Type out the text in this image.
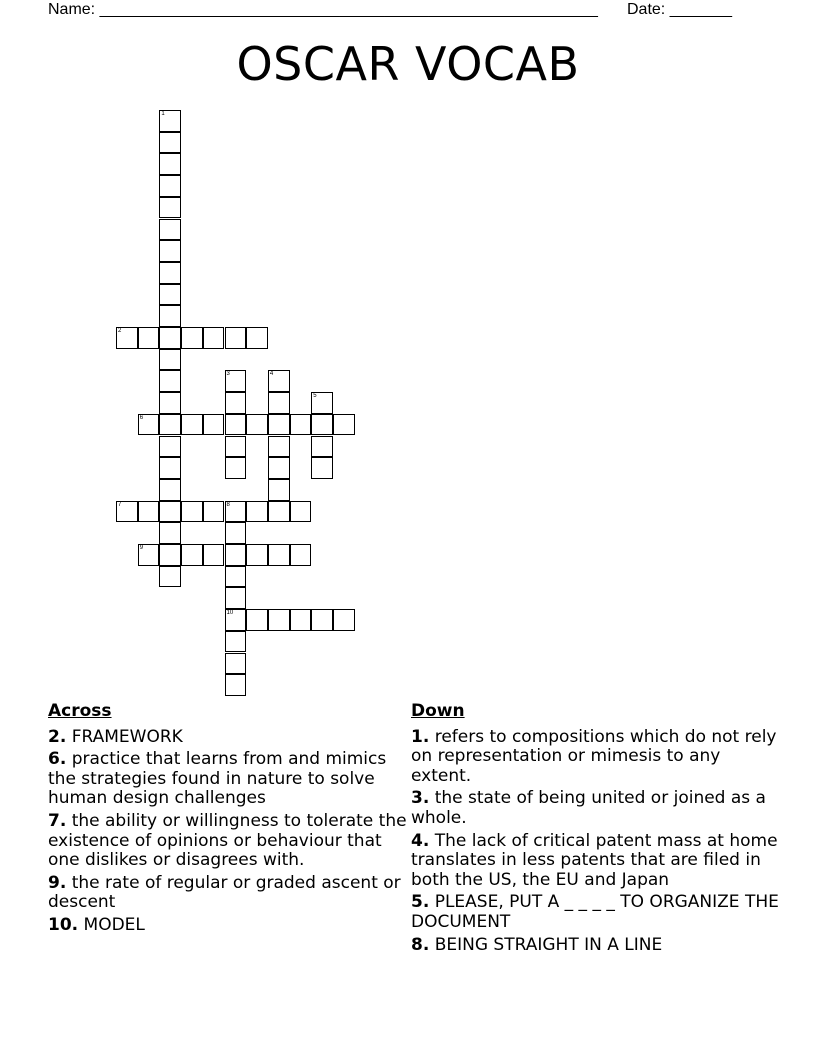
Name: ________________________________________________________ Date: _______
OSCAR VOCAB
1
2
3	4
5
6
7	8
10
9
Across
2. FRAMEWORK
6. practice that learns from and mimics the strategies found in nature to solve human design challenges
7. the ability or willingness to tolerate the existence of opinions or behaviour that one dislikes or disagrees with.
9. the rate of regular or graded ascent or descent
10. MODEL
Down
1. refers to compositions which do not rely on representation or mimesis to any extent.
3. the state of being united or joined as a whole.
4. The lack of critical patent mass at home translates in less patents that are filed in both the US, the EU and Japan
5. PLEASE, PUT A _ _ _ _ TO ORGANIZE THE DOCUMENT
8. BEING STRAIGHT IN A LINE
